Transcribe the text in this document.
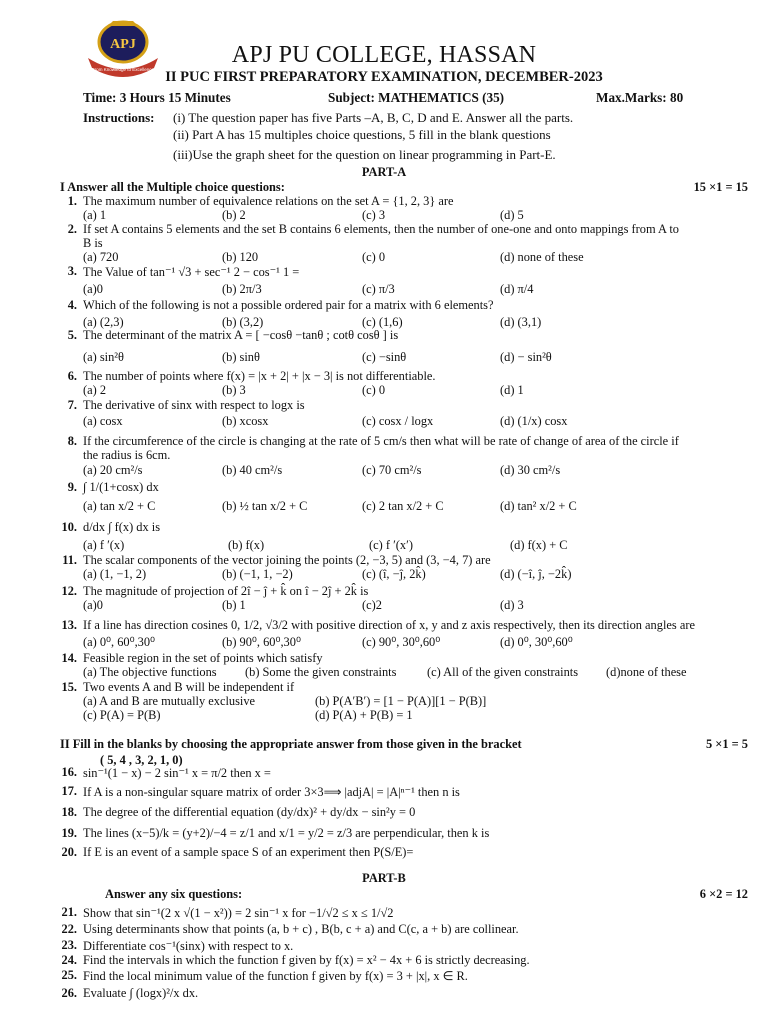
APJ
From Knowledge to Excellence
APJ PU COLLEGE, HASSAN
II PUC FIRST PREPARATORY EXAMINATION, DECEMBER-2023
Time: 3 Hours 15 Minutes	Subject: MATHEMATICS (35)	Max.Marks: 80
Instructions: (i) The question paper has five Parts –A, B, C, D and E. Answer all the parts.
(ii) Part A has 15 multiples choice questions, 5 fill in the blank questions
(iii)Use the graph sheet for the question on linear programming in Part-E.
PART-A
I Answer all the Multiple choice questions:	15 ×1 = 15
1. The maximum number of equivalence relations on the set A = {1, 2, 3} are
(a) 1	(b) 2	(c) 3	(d) 5
2. If set A contains 5 elements and the set B contains 6 elements, then the number of one-one and onto mappings from A to
B is
(a) 720	(b) 120	(c) 0	(d) none of these
3. The Value of tan⁻¹ √3 + sec⁻¹ 2 − cos⁻¹ 1 =
(a)0	(b) 2π/3	(c) π/3	(d) π/4
4. Which of the following is not a possible ordered pair for a matrix with 6 elements?
(a) (2,3)	(b) (3,2)	(c) (1,6)	(d) (3,1)
5. The determinant of the matrix A = [ −cosθ −tanθ ; cotθ cosθ ] is
(a) sin²θ	(b) sinθ	(c) −sinθ	(d) − sin²θ
6. The number of points where f(x) = |x + 2| + |x − 3| is not differentiable.
(a) 2	(b) 3	(c) 0	(d) 1
7. The derivative of sinx with respect to logx is
(a) cosx	(b) xcosx	(c) cosx / logx	(d) (1/x) cosx
8. If the circumference of the circle is changing at the rate of 5 cm/s then what will be rate of change of area of the circle if
the radius is 6cm.
(a) 20 cm²/s	(b) 40 cm²/s	(c) 70 cm²/s	(d) 30 cm²/s
9. ∫ 1/(1+cosx) dx
(a) tan x/2 + C	(b) ½ tan x/2 + C	(c) 2 tan x/2 + C	(d) tan² x/2 + C
10. d/dx ∫ f(x) dx is
(a) f ′(x)	(b) f(x)	(c) f ′(x′)	(d) f(x) + C
11. The scalar components of the vector joining the points (2, −3, 5) and (3, −4, 7) are
(a) (1, −1, 2)	(b) (−1, 1, −2)	(c) (î, −ĵ, 2k̂)	(d) (−î, ĵ, −2k̂)
12. The magnitude of projection of 2î − ĵ + k̂ on î − 2ĵ + 2k̂ is
(a)0	(b) 1	(c)2	(d) 3
13. If a line has direction cosines 0, 1/2, √3/2 with positive direction of x, y and z axis respectively, then its direction angles are
(a) 0⁰, 60⁰,30⁰	(b) 90⁰, 60⁰,30⁰	(c) 90⁰, 30⁰,60⁰	(d) 0⁰, 30⁰,60⁰
14. Feasible region in the set of points which satisfy
(a) The objective functions (b) Some the given constraints (c) All of the given constraints (d)none of these
15. Two events A and B will be independent if
(a) A and B are mutually exclusive	(b) P(A′B′) = [1 − P(A)][1 − P(B)]
(c) P(A) = P(B)	(d) P(A) + P(B) = 1
II Fill in the blanks by choosing the appropriate answer from those given in the bracket	5 ×1 = 5
( 5, 4 , 3, 2, 1, 0)
16. sin⁻¹(1 − x) − 2 sin⁻¹ x = π/2 then x =
17. If A is a non-singular square matrix of order 3×3⟹ |adjA| = |A|ⁿ⁻¹ then n is
18. The degree of the differential equation (dy/dx)² + dy/dx − sin²y = 0
19. The lines (x−5)/k = (y+2)/−4 = z/1 and x/1 = y/2 = z/3 are perpendicular, then k is
20. If E is an event of a sample space S of an experiment then P(S/E)=
PART-B
Answer any six questions:	6 ×2 = 12
21. Show that sin⁻¹(2 x √(1 − x²)) = 2 sin⁻¹ x for −1/√2 ≤ x ≤ 1/√2
22. Using determinants show that points (a, b + c) , B(b, c + a) and C(c, a + b) are collinear.
23. Differentiate cos⁻¹(sinx) with respect to x.
24. Find the intervals in which the function f given by f(x) = x² − 4x + 6 is strictly decreasing.
25. Find the local minimum value of the function f given by f(x) = 3 + |x|, x ∈ R.
26. Evaluate ∫ (logx)²/x dx.
